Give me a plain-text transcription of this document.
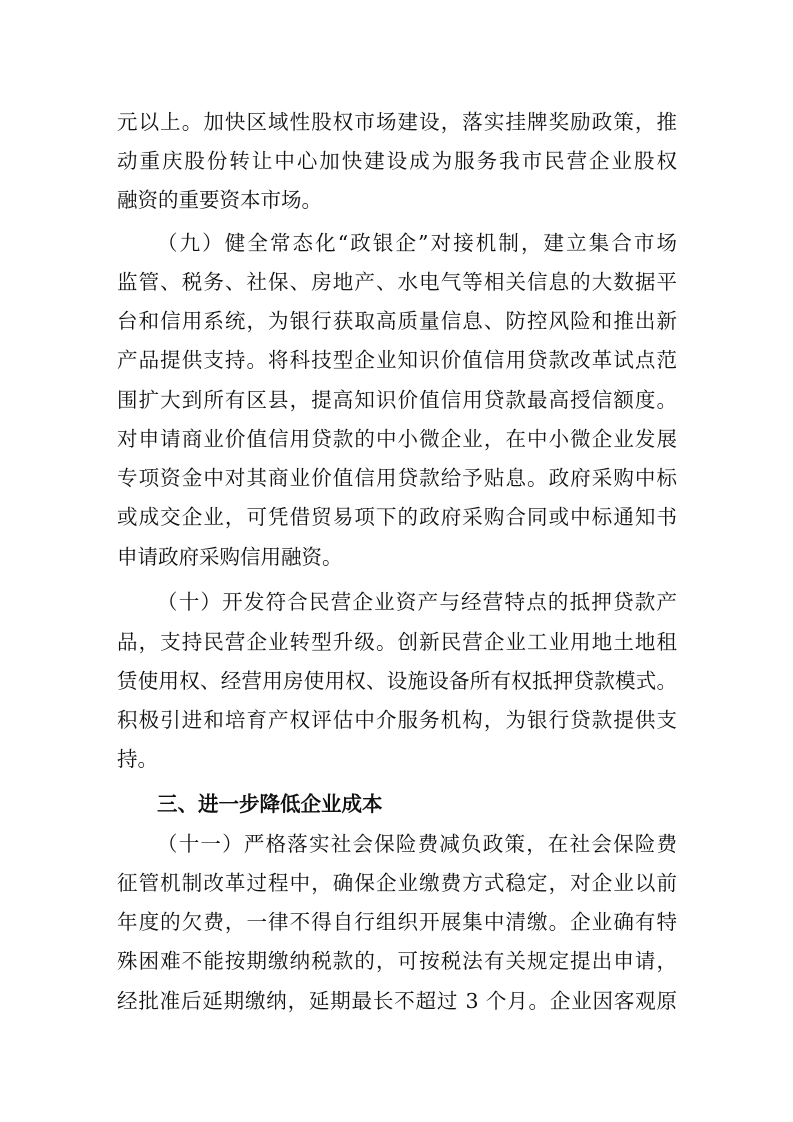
元以上。加快区域性股权市场建设，落实挂牌奖励政策，推
动重庆股份转让中心加快建设成为服务我市民营企业股权
融资的重要资本市场。
（九）健全常态化“政银企”对接机制，建立集合市场
监管、税务、社保、房地产、水电气等相关信息的大数据平
台和信用系统，为银行获取高质量信息、防控风险和推出新
产品提供支持。将科技型企业知识价值信用贷款改革试点范
围扩大到所有区县，提高知识价值信用贷款最高授信额度。
对申请商业价值信用贷款的中小微企业，在中小微企业发展
专项资金中对其商业价值信用贷款给予贴息。政府采购中标
或成交企业，可凭借贸易项下的政府采购合同或中标通知书
申请政府采购信用融资。
（十）开发符合民营企业资产与经营特点的抵押贷款产
品，支持民营企业转型升级。创新民营企业工业用地土地租
赁使用权、经营用房使用权、设施设备所有权抵押贷款模式。
积极引进和培育产权评估中介服务机构，为银行贷款提供支
持。
三、进一步降低企业成本
（十一）严格落实社会保险费减负政策，在社会保险费
征管机制改革过程中，确保企业缴费方式稳定，对企业以前
年度的欠费，一律不得自行组织开展集中清缴。企业确有特
殊困难不能按期缴纳税款的，可按税法有关规定提出申请，
经批准后延期缴纳，延期最长不超过 3 个月。企业因客观原
